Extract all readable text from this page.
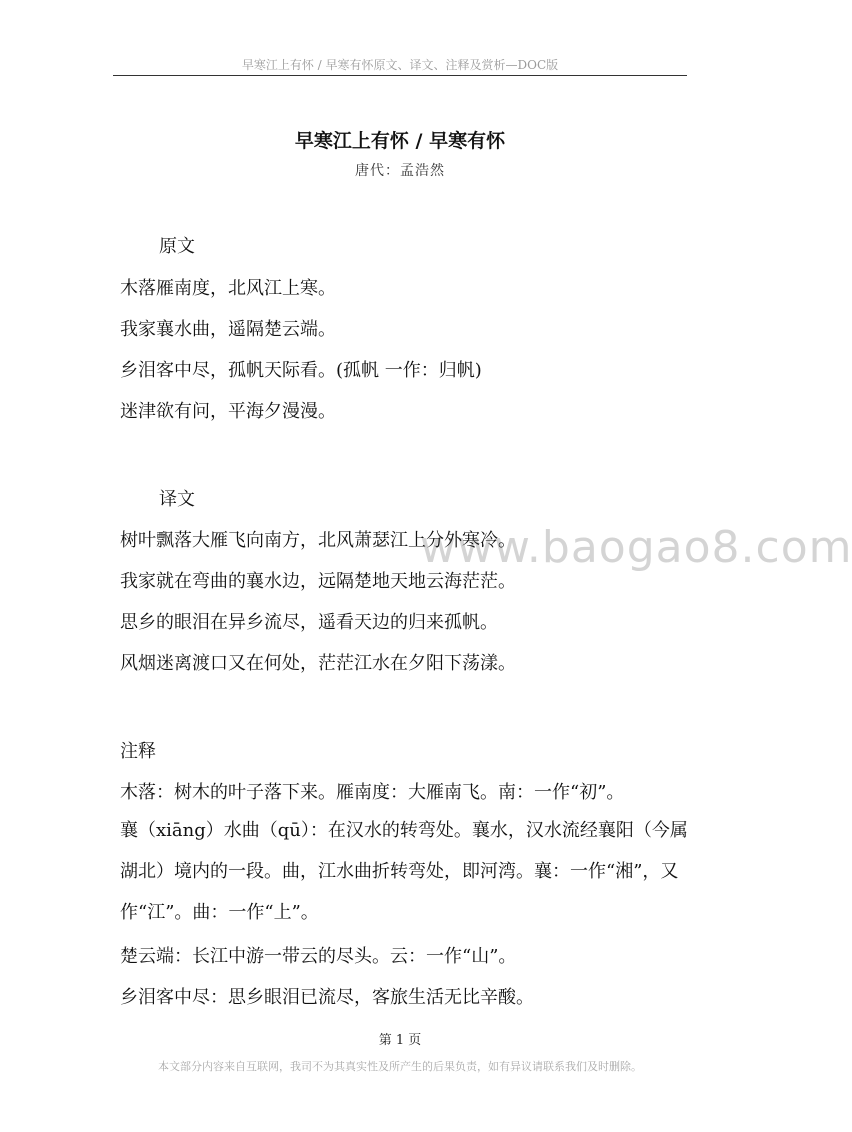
早寒江上有怀 / 早寒有怀原文、译文、注释及赏析—DOC版
早寒江上有怀 / 早寒有怀
唐代：孟浩然
www.baogao8.com
原文
木落雁南度，北风江上寒。
我家襄水曲，遥隔楚云端。
乡泪客中尽，孤帆天际看。(孤帆 一作：归帆)
迷津欲有问，平海夕漫漫。
译文
树叶飘落大雁飞向南方，北风萧瑟江上分外寒冷。
我家就在弯曲的襄水边，远隔楚地天地云海茫茫。
思乡的眼泪在异乡流尽，遥看天边的归来孤帆。
风烟迷离渡口又在何处，茫茫江水在夕阳下荡漾。
注释
木落：树木的叶子落下来。雁南度：大雁南飞。南：一作“初”。
襄（xiāng）水曲（qū）：在汉水的转弯处。襄水，汉水流经襄阳（今属湖北）境内的一段。曲，江水曲折转弯处，即河湾。襄：一作“湘”，又作“江”。曲：一作“上”。
楚云端：长江中游一带云的尽头。云：一作“山”。
乡泪客中尽：思乡眼泪已流尽，客旅生活无比辛酸。
第 1 页
本文部分内容来自互联网，我司不为其真实性及所产生的后果负责，如有异议请联系我们及时删除。
